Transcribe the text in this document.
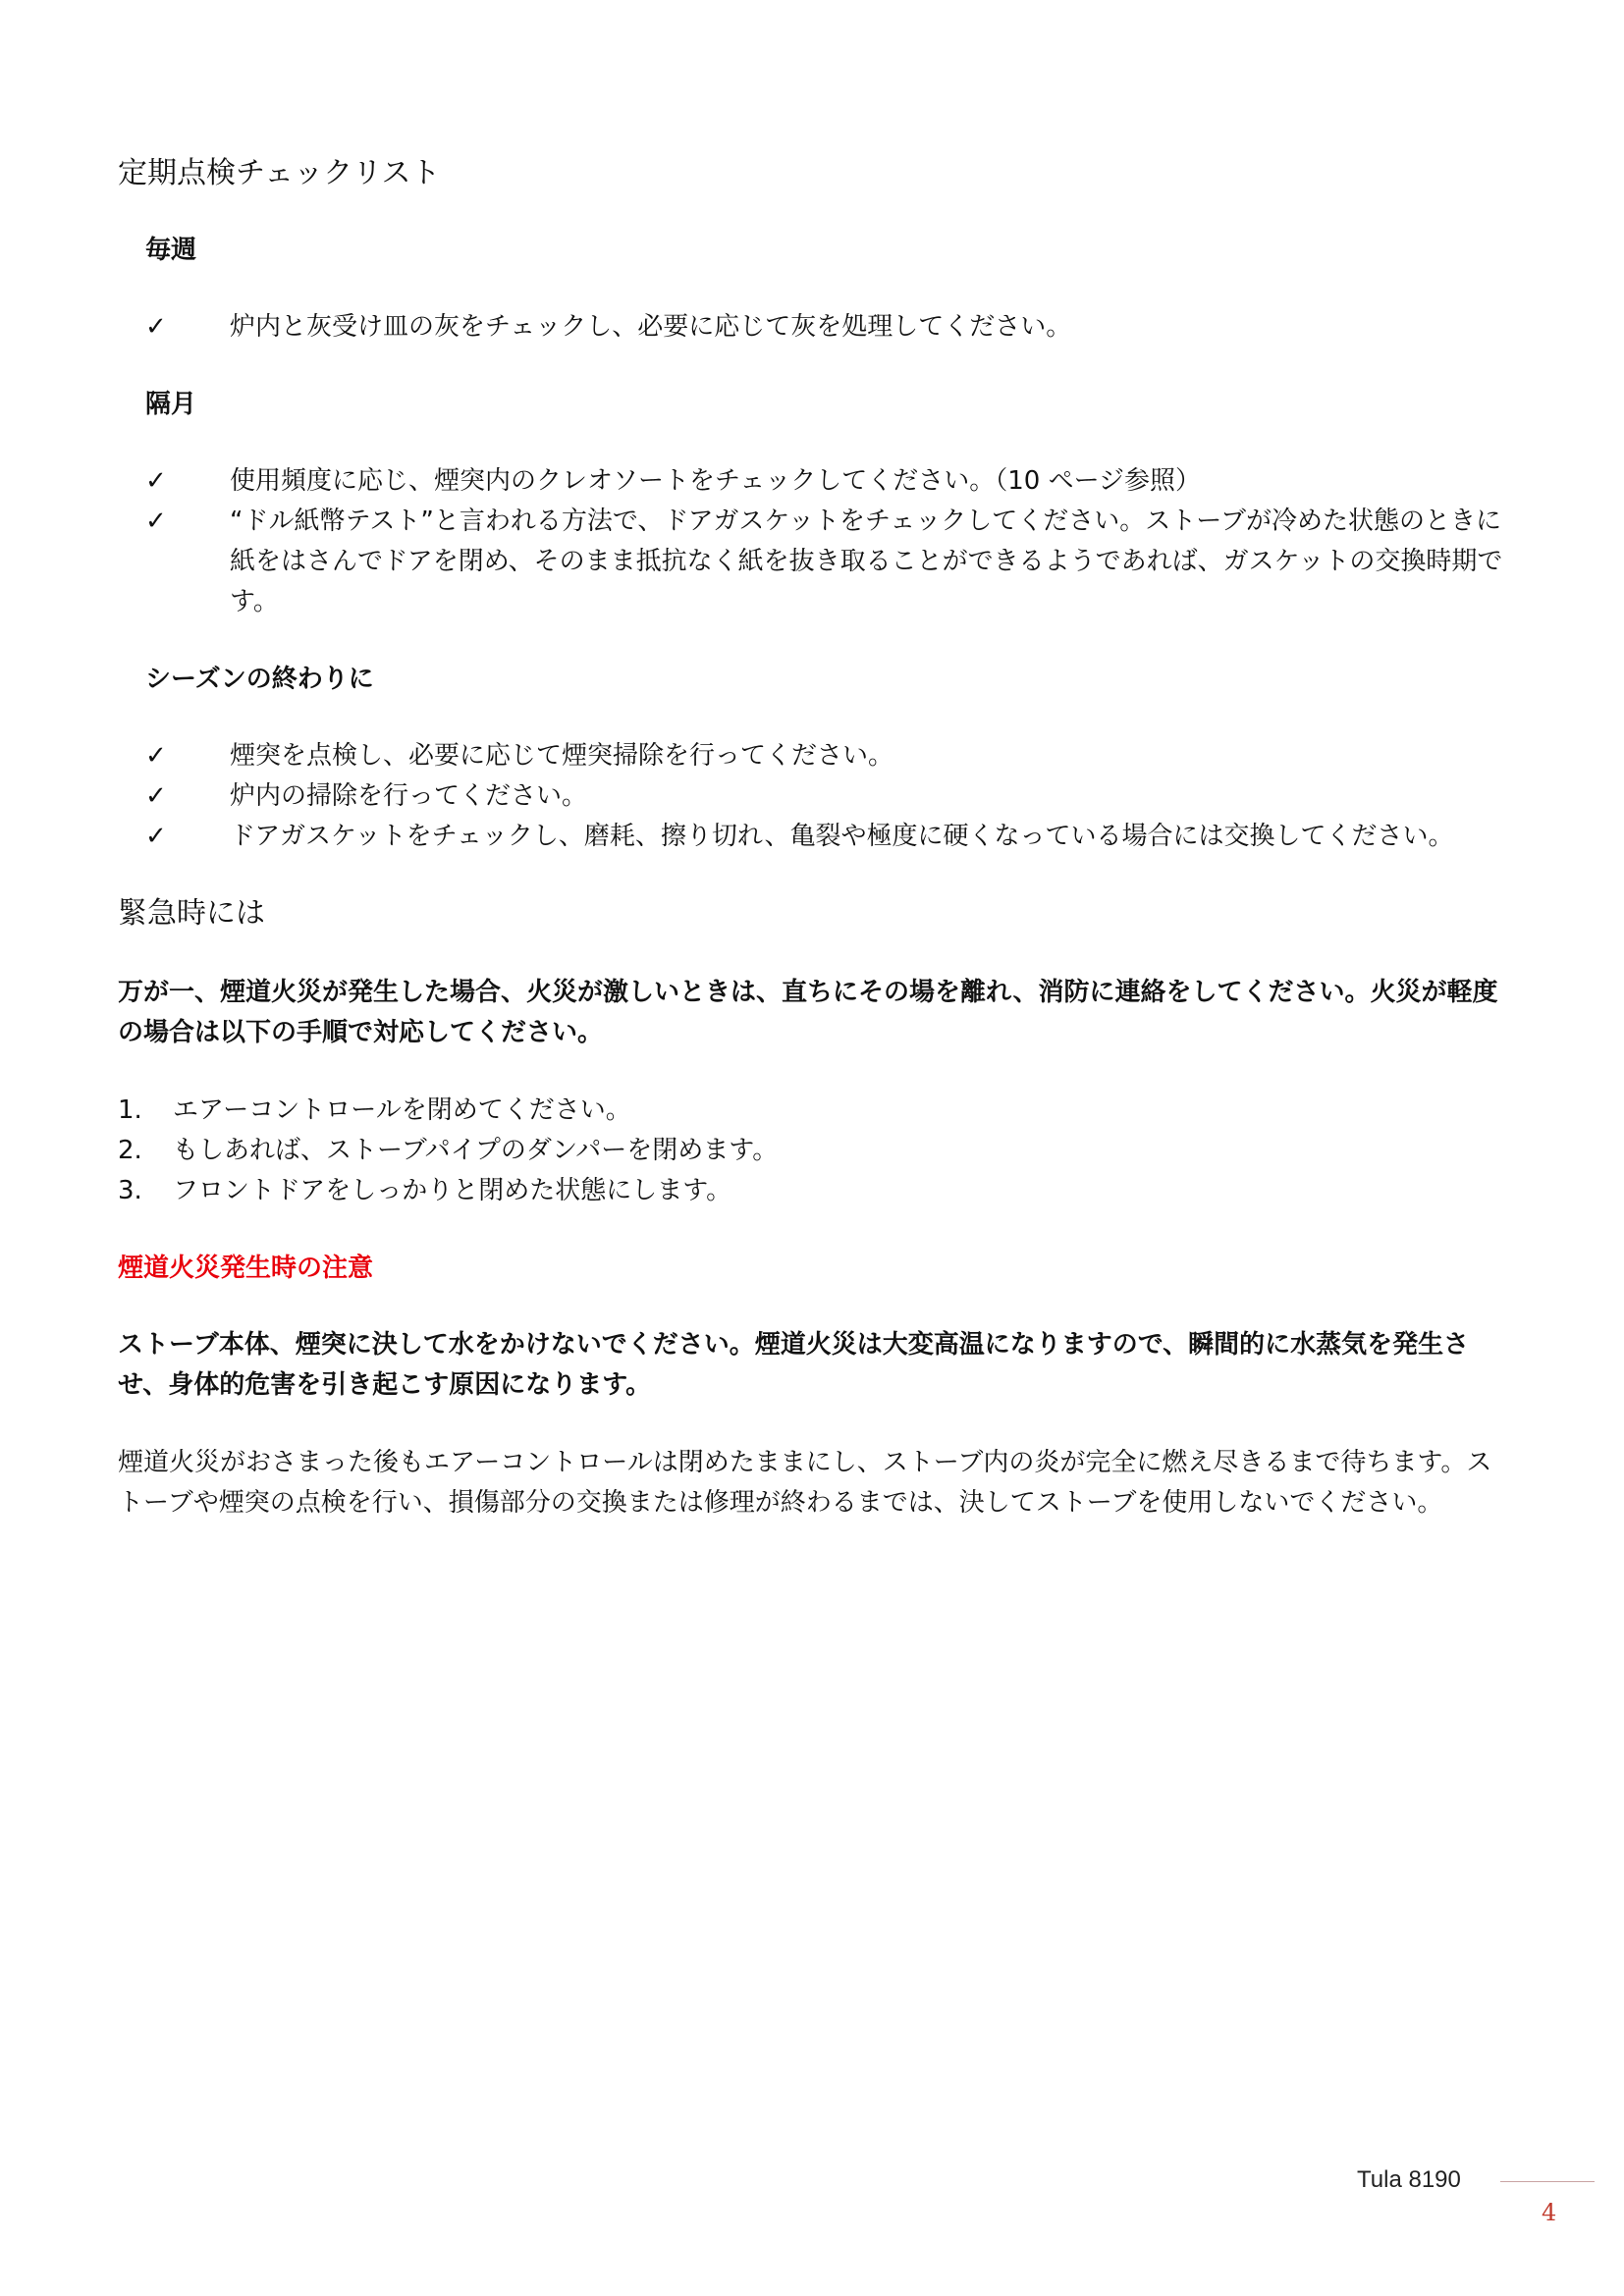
定期点検チェックリスト
毎週
✓	炉内と灰受け皿の灰をチェックし、必要に応じて灰を処理してください。
隔月
✓	使用頻度に応じ、煙突内のクレオソートをチェックしてください。（10 ページ参照）
✓	“ドル紙幣テスト”と言われる方法で、ドアガスケットをチェックしてください。ストーブが冷めた状態のときに紙をはさんでドアを閉め、そのまま抵抗なく紙を抜き取ることができるようであれば、ガスケットの交換時期です。
シーズンの終わりに
✓	煙突を点検し、必要に応じて煙突掃除を行ってください。
✓	炉内の掃除を行ってください。
✓	ドアガスケットをチェックし、磨耗、擦り切れ、亀裂や極度に硬くなっている場合には交換してください。
緊急時には
万が一、煙道火災が発生した場合、火災が激しいときは、直ちにその場を離れ、消防に連絡をしてください。火災が軽度の場合は以下の手順で対応してください。
1. エアーコントロールを閉めてください。
2. もしあれば、ストーブパイプのダンパーを閉めます。
3. フロントドアをしっかりと閉めた状態にします。
煙道火災発生時の注意
ストーブ本体、煙突に決して水をかけないでください。煙道火災は大変高温になりますので、瞬間的に水蒸気を発生させ、身体的危害を引き起こす原因になります。
煙道火災がおさまった後もエアーコントロールは閉めたままにし、ストーブ内の炎が完全に燃え尽きるまで待ちます。ストーブや煙突の点検を行い、損傷部分の交換または修理が終わるまでは、決してストーブを使用しないでください。
Tula 8190
4
